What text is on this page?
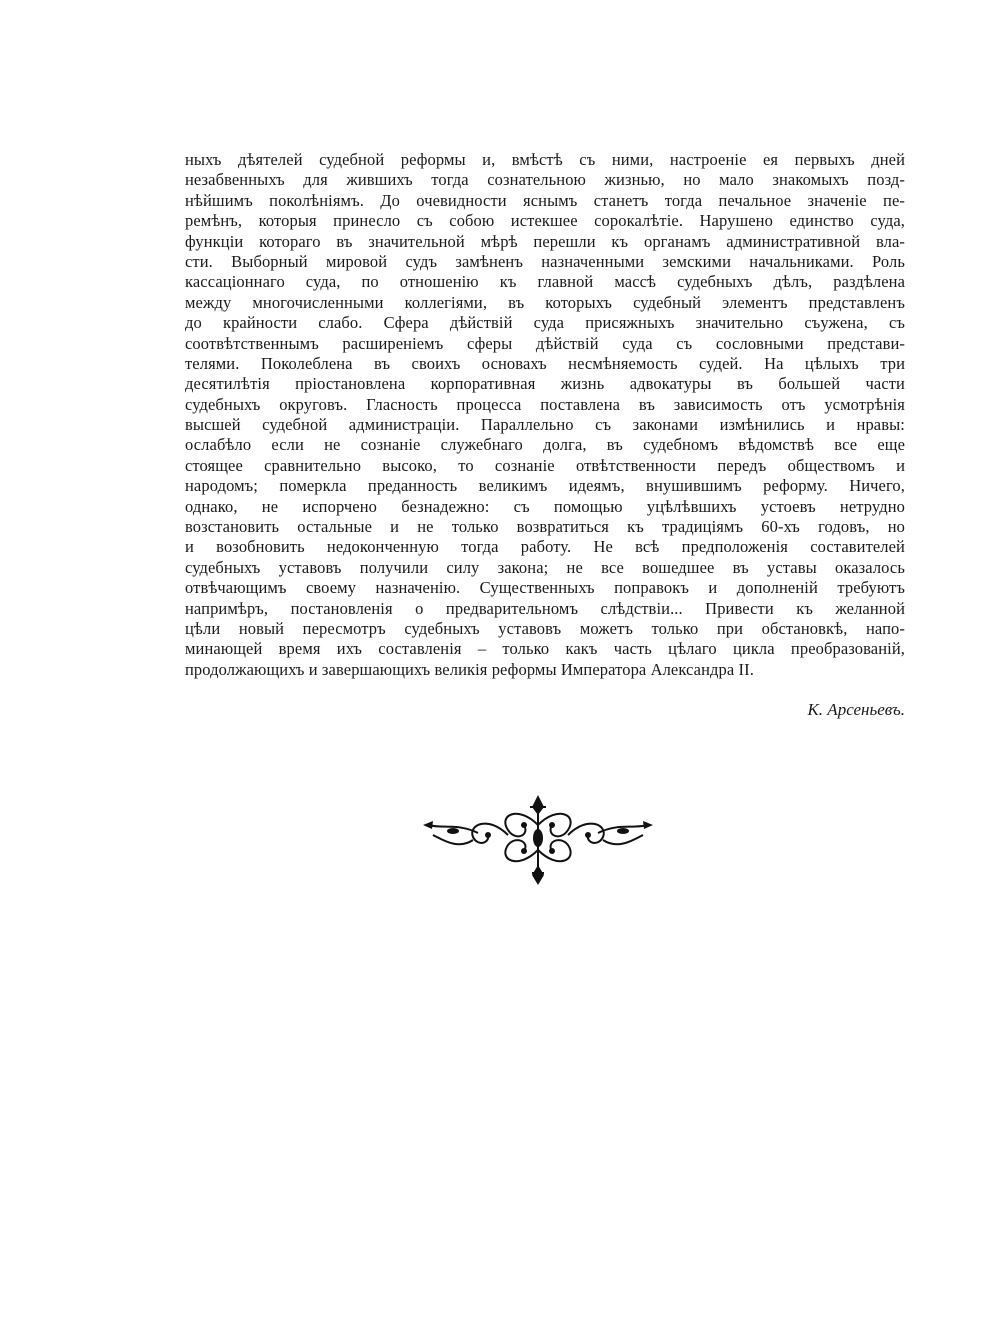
ныхъ дѣятелей судебной реформы и, вмѣстѣ съ ними, настроеніе ея первыхъ дней
незабвенныхъ для жившихъ тогда сознательною жизнью, но мало знакомыхъ позд-
нѣйшимъ поколѣніямъ. До очевидности яснымъ станетъ тогда печальное значеніе пе-
ремѣнъ, которыя принесло съ собою истекшее сорокалѣтіе. Нарушено единство суда,
функціи котораго въ значительной мѣрѣ перешли къ органамъ административной вла-
сти. Выборный мировой судъ замѣненъ назначенными земскими начальниками. Роль
кассаціоннаго суда, по отношенію къ главной массѣ судебныхъ дѣлъ, раздѣлена
между многочисленными коллегіями, въ которыхъ судебный элементъ представленъ
до крайности слабо. Сфера дѣйствій суда присяжныхъ значительно съужена, съ
соотвѣтственнымъ расширеніемъ сферы дѣйствій суда съ сословными представи-
телями. Поколеблена въ своихъ основахъ несмѣняемость судей. На цѣлыхъ три
десятилѣтія пріостановлена корпоративная жизнь адвокатуры въ большей части
судебныхъ округовъ. Гласность процесса поставлена въ зависимость отъ усмотрѣнія
высшей судебной администраціи. Параллельно съ законами измѣнились и нравы:
ослабѣло если не сознаніе служебнаго долга, въ судебномъ вѣдомствѣ все еще
стоящее сравнительно высоко, то сознаніе отвѣтственности передъ обществомъ и
народомъ; померкла преданность великимъ идеямъ, внушившимъ реформу. Ничего,
однако, не испорчено безнадежно: съ помощью уцѣлѣвшихъ устоевъ нетрудно
возстановить остальные и не только возвратиться къ традиціямъ 60-хъ годовъ, но
и возобновить недоконченную тогда работу. Не всѣ предположенія составителей
судебныхъ уставовъ получили силу закона; не все вошедшее въ уставы оказалось
отвѣчающимъ своему назначенію. Существенныхъ поправокъ и дополненій требуютъ
напримѣръ, постановленія о предварительномъ слѣдствіи... Привести къ желанной
цѣли новый пересмотръ судебныхъ уставовъ можетъ только при обстановкѣ, напо-
минающей время ихъ составленія – только какъ часть цѣлаго цикла преобразованій,
продолжающихъ и завершающихъ великія реформы Императора Александра II.
К. Арсеньевъ.
